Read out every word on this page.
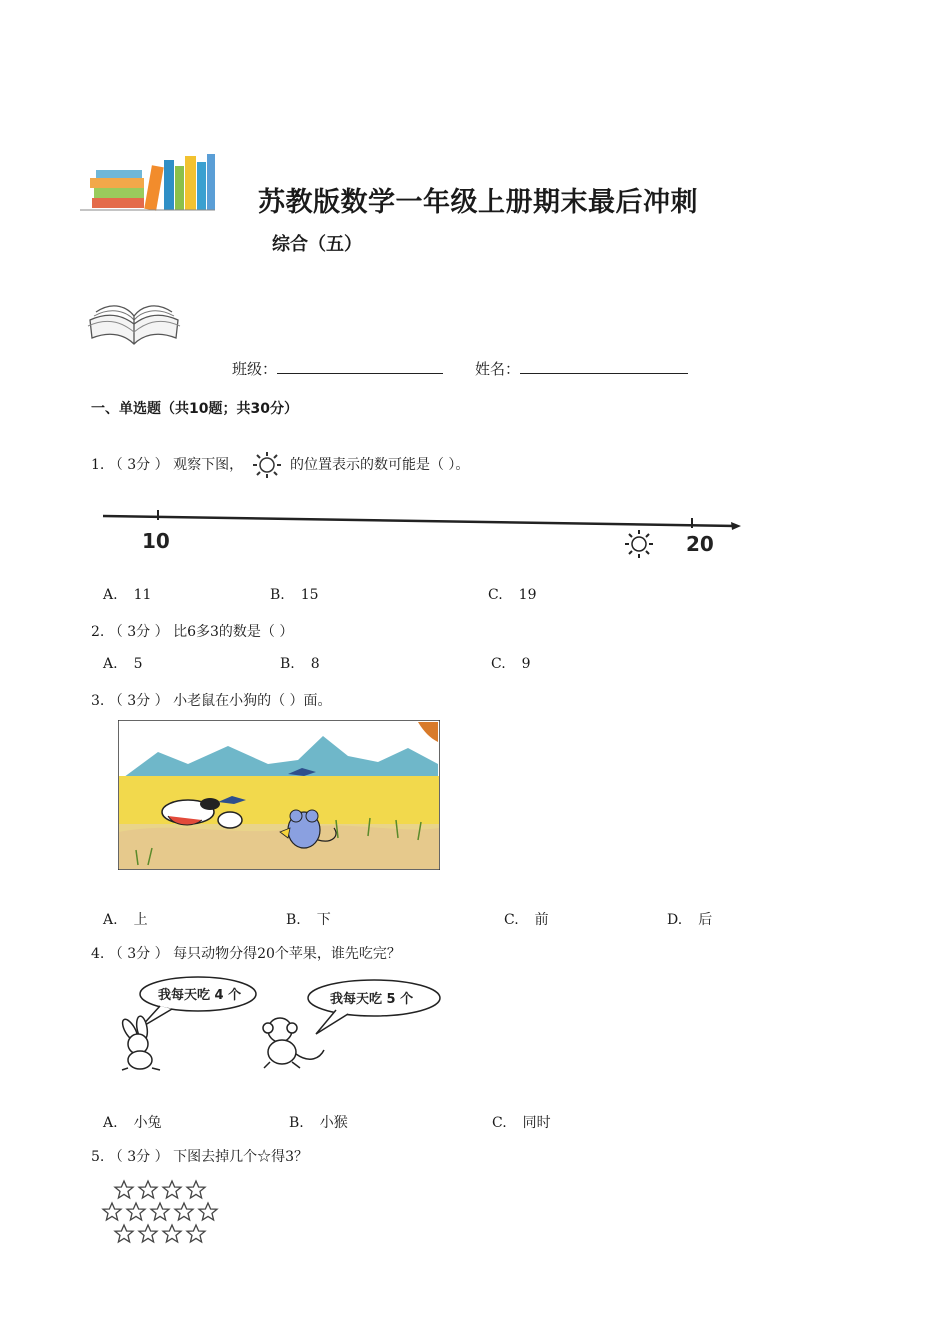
苏教版数学一年级上册期末最后冲刺
综合（五）
班级：	姓名：
一、单选题（共10题；共30分）
1. （ 3分 ） 观察下图，	的位置表示的数可能是（ ）。
10	20
A. 11	B. 15	C. 19
2. （ 3分 ） 比6多3的数是（ ）
A. 5	B. 8	C. 9
3. （ 3分 ） 小老鼠在小狗的（ ）面。
A. 上	B. 下	C. 前	D. 后
4. （ 3分 ） 每只动物分得20个苹果，谁先吃完？
我每天吃 4 个	我每天吃 5 个
A. 小兔	B. 小猴	C. 同时
5. （ 3分 ） 下图去掉几个☆得3？
